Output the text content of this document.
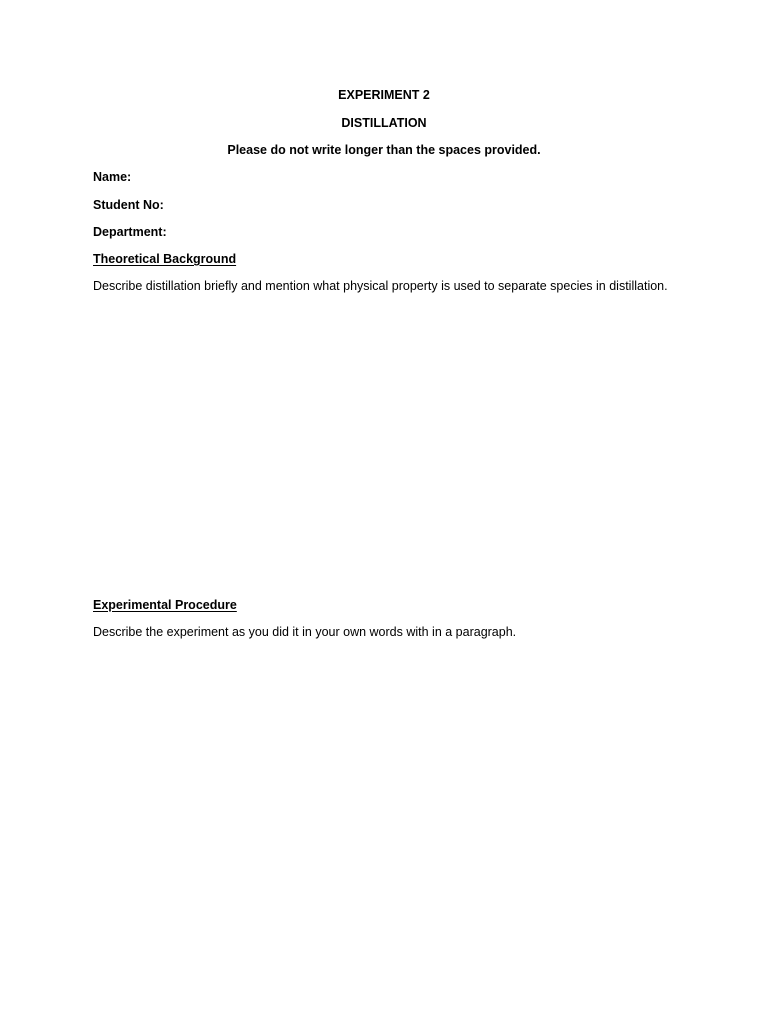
EXPERIMENT 2
DISTILLATION
Please do not write longer than the spaces provided.
Name:
Student No:
Department:
Theoretical Background
Describe distillation briefly and mention what physical property is used to separate species in distillation.
Experimental Procedure
Describe the experiment as you did it in your own words with in a paragraph.
